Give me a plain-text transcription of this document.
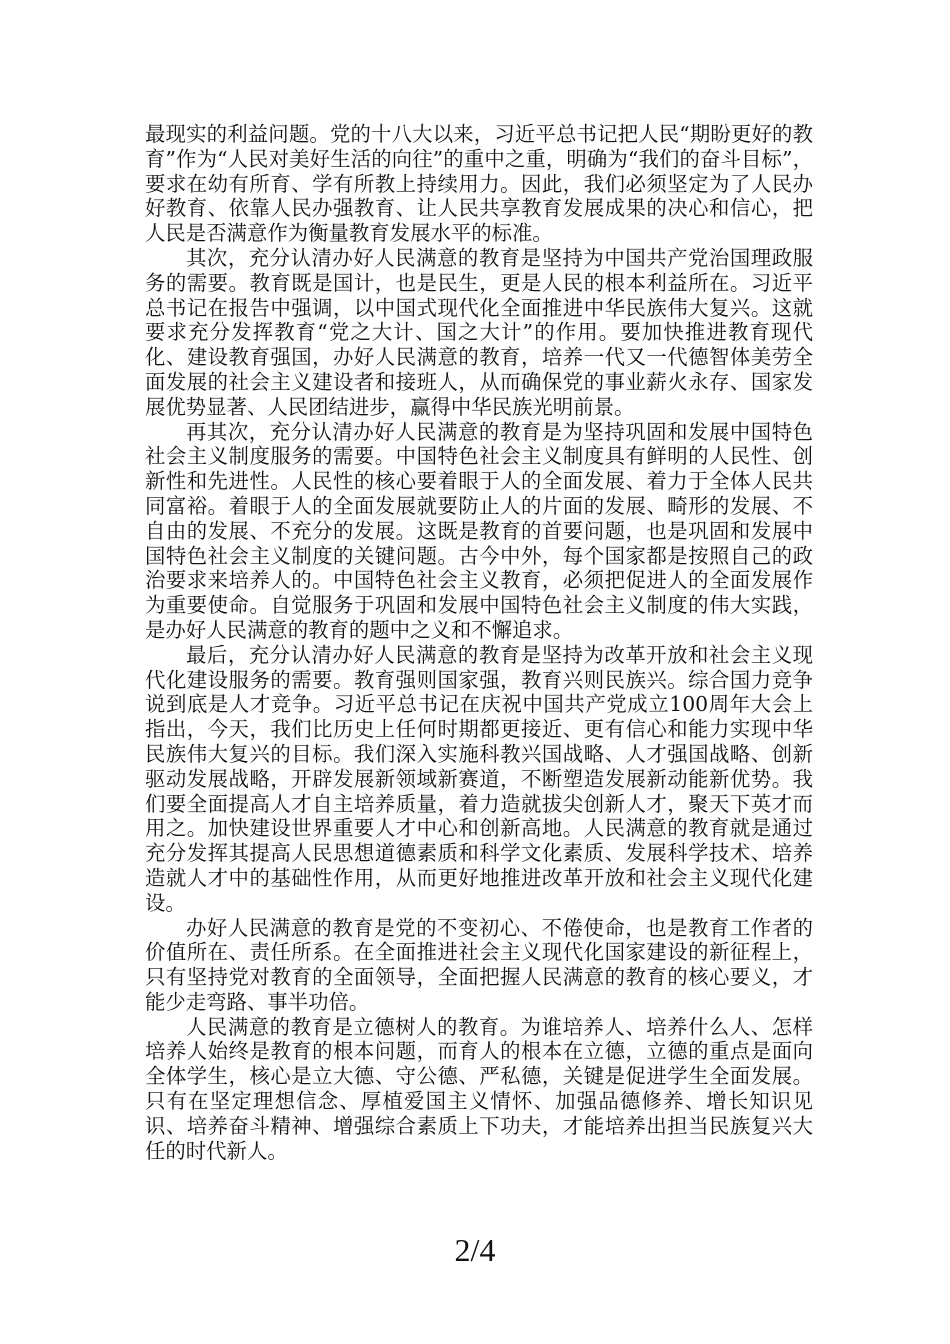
最现实的利益问题。党的十八大以来，习近平总书记把人民“期盼更好的教育”作为“人民对美好生活的向往”的重中之重，明确为“我们的奋斗目标”，要求在幼有所育、学有所教上持续用力。因此，我们必须坚定为了人民办好教育、依靠人民办强教育、让人民共享教育发展成果的决心和信心，把人民是否满意作为衡量教育发展水平的标准。

其次，充分认清办好人民满意的教育是坚持为中国共产党治国理政服务的需要。教育既是国计，也是民生，更是人民的根本利益所在。习近平总书记在报告中强调，以中国式现代化全面推进中华民族伟大复兴。这就要求充分发挥教育“党之大计、国之大计”的作用。要加快推进教育现代化、建设教育强国，办好人民满意的教育，培养一代又一代德智体美劳全面发展的社会主义建设者和接班人，从而确保党的事业薪火永存、国家发展优势显著、人民团结进步，赢得中华民族光明前景。

再其次，充分认清办好人民满意的教育是为坚持巩固和发展中国特色社会主义制度服务的需要。中国特色社会主义制度具有鲜明的人民性、创新性和先进性。人民性的核心要着眼于人的全面发展、着力于全体人民共同富裕。着眼于人的全面发展就要防止人的片面的发展、畸形的发展、不自由的发展、不充分的发展。这既是教育的首要问题，也是巩固和发展中国特色社会主义制度的关键问题。古今中外，每个国家都是按照自己的政治要求来培养人的。中国特色社会主义教育，必须把促进人的全面发展作为重要使命。自觉服务于巩固和发展中国特色社会主义制度的伟大实践，是办好人民满意的教育的题中之义和不懈追求。

最后，充分认清办好人民满意的教育是坚持为改革开放和社会主义现代化建设服务的需要。教育强则国家强，教育兴则民族兴。综合国力竞争说到底是人才竞争。习近平总书记在庆祝中国共产党成立100周年大会上指出，今天，我们比历史上任何时期都更接近、更有信心和能力实现中华民族伟大复兴的目标。我们深入实施科教兴国战略、人才强国战略、创新驱动发展战略，开辟发展新领域新赛道，不断塑造发展新动能新优势。我们要全面提高人才自主培养质量，着力造就拔尖创新人才，聚天下英才而用之。加快建设世界重要人才中心和创新高地。人民满意的教育就是通过充分发挥其提高人民思想道德素质和科学文化素质、发展科学技术、培养造就人才中的基础性作用，从而更好地推进改革开放和社会主义现代化建设。

办好人民满意的教育是党的不变初心、不倦使命，也是教育工作者的价值所在、责任所系。在全面推进社会主义现代化国家建设的新征程上，只有坚持党对教育的全面领导，全面把握人民满意的教育的核心要义，才能少走弯路、事半功倍。

人民满意的教育是立德树人的教育。为谁培养人、培养什么人、怎样培养人始终是教育的根本问题，而育人的根本在立德，立德的重点是面向全体学生，核心是立大德、守公德、严私德，关键是促进学生全面发展。只有在坚定理想信念、厚植爱国主义情怀、加强品德修养、增长知识见识、培养奋斗精神、增强综合素质上下功夫，才能培养出担当民族复兴大任的时代新人。

2/4
